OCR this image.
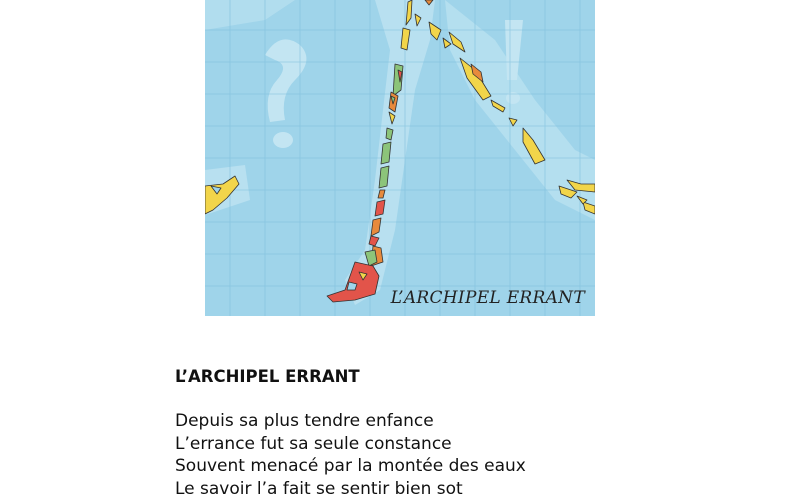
L’ARCHIPEL ERRANT
L’ARCHIPEL ERRANT
Depuis sa plus tendre enfance
L’errance fut sa seule constance
Souvent menacé par la montée des eaux
Le savoir l’a fait se sentir bien sot
